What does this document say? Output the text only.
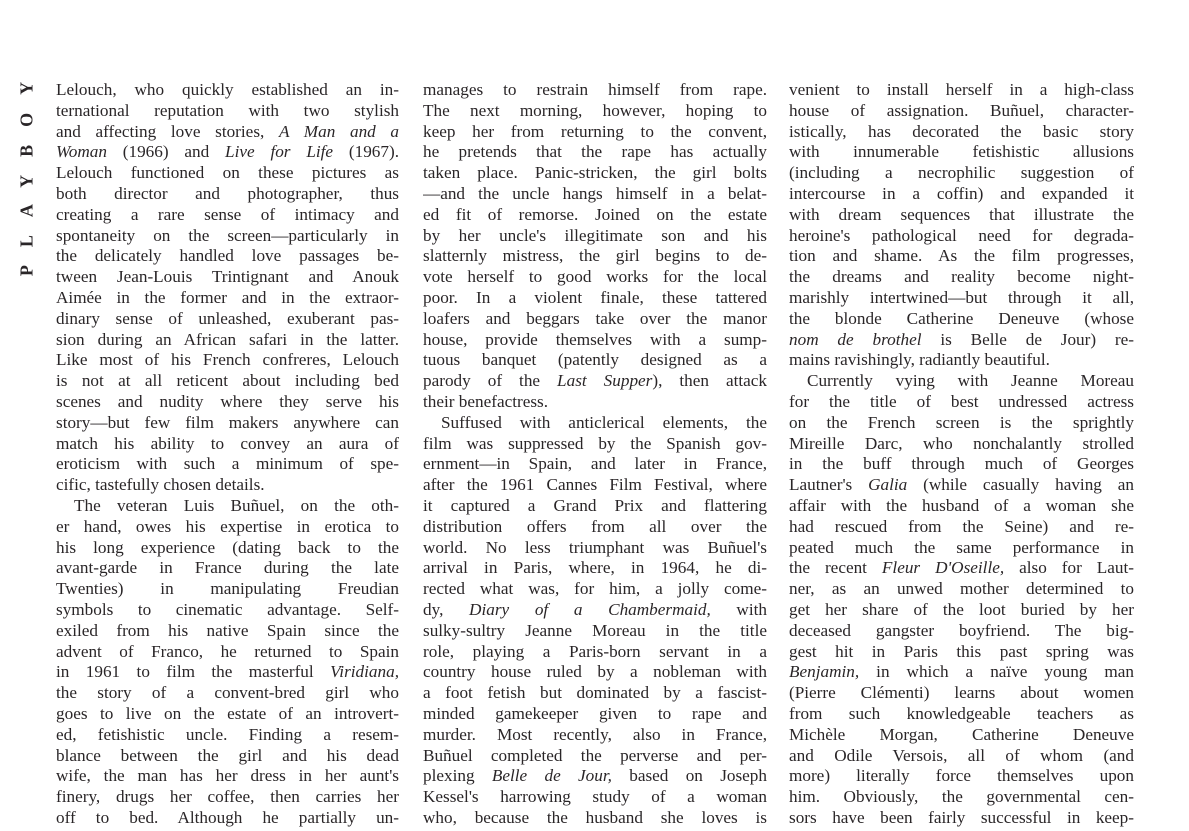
PLAYBOY Lelouch, who quickly established an in-
ternational reputation with two stylish
and affecting love stories, A Man and a
Woman (1966) and Live for Life (1967).
Lelouch functioned on these pictures as
both director and photographer, thus
creating a rare sense of intimacy and
spontaneity on the screen—particularly in
the delicately handled love passages be-
tween Jean-Louis Trintignant and Anouk
Aimée in the former and in the extraor-
dinary sense of unleashed, exuberant pas-
sion during an African safari in the latter.
Like most of his French confreres, Lelouch
is not at all reticent about including bed
scenes and nudity where they serve his
story—but few film makers anywhere can
match his ability to convey an aura of
eroticism with such a minimum of spe-
cific, tastefully chosen details.
The veteran Luis Buñuel, on the oth-
er hand, owes his expertise in erotica to
his long experience (dating back to the
avant-garde in France during the late
Twenties) in manipulating Freudian
symbols to cinematic advantage. Self-
exiled from his native Spain since the
advent of Franco, he returned to Spain
in 1961 to film the masterful Viridiana,
the story of a convent-bred girl who
goes to live on the estate of an introvert-
ed, fetishistic uncle. Finding a resem-
blance between the girl and his dead
wife, the man has her dress in her aunt's
finery, drugs her coffee, then carries her
off to bed. Although he partially un-
manages to restrain himself from rape.
The next morning, however, hoping to
keep her from returning to the convent,
he pretends that the rape has actually
taken place. Panic-stricken, the girl bolts
—and the uncle hangs himself in a belat-
ed fit of remorse. Joined on the estate
by her uncle's illegitimate son and his
slatternly mistress, the girl begins to de-
vote herself to good works for the local
poor. In a violent finale, these tattered
loafers and beggars take over the manor
house, provide themselves with a sump-
tuous banquet (patently designed as a
parody of the Last Supper), then attack
their benefactress.
Suffused with anticlerical elements, the
film was suppressed by the Spanish gov-
ernment—in Spain, and later in France,
after the 1961 Cannes Film Festival, where
it captured a Grand Prix and flattering
distribution offers from all over the
world. No less triumphant was Buñuel's
arrival in Paris, where, in 1964, he di-
rected what was, for him, a jolly come-
dy, Diary of a Chambermaid, with
sulky-sultry Jeanne Moreau in the title
role, playing a Paris-born servant in a
country house ruled by a nobleman with
a foot fetish but dominated by a fascist-
minded gamekeeper given to rape and
murder. Most recently, also in France,
Buñuel completed the perverse and per-
plexing Belle de Jour, based on Joseph
Kessel's harrowing study of a woman
who, because the husband she loves is
venient to install herself in a high-class
house of assignation. Buñuel, character-
istically, has decorated the basic story
with innumerable fetishistic allusions
(including a necrophilic suggestion of
intercourse in a coffin) and expanded it
with dream sequences that illustrate the
heroine's pathological need for degrada-
tion and shame. As the film progresses,
the dreams and reality become night-
marishly intertwined—but through it all,
the blonde Catherine Deneuve (whose
nom de brothel is Belle de Jour) re-
mains ravishingly, radiantly beautiful.
Currently vying with Jeanne Moreau
for the title of best undressed actress
on the French screen is the sprightly
Mireille Darc, who nonchalantly strolled
in the buff through much of Georges
Lautner's Galia (while casually having an
affair with the husband of a woman she
had rescued from the Seine) and re-
peated much the same performance in
the recent Fleur D'Oseille, also for Laut-
ner, as an unwed mother determined to
get her share of the loot buried by her
deceased gangster boyfriend. The big-
gest hit in Paris this past spring was
Benjamin, in which a naïve young man
(Pierre Clémenti) learns about women
from such knowledgeable teachers as
Michèle Morgan, Catherine Deneuve
and Odile Versois, all of whom (and
more) literally force themselves upon
him. Obviously, the governmental cen-
sors have been fairly successful in keep-
